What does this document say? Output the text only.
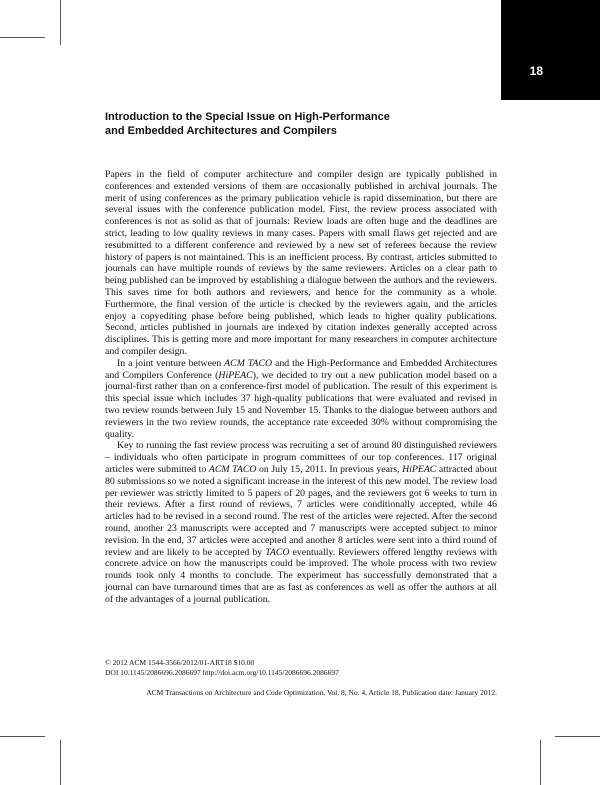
18
Introduction to the Special Issue on High-Performance
and Embedded Architectures and Compilers

Papers in the field of computer architecture and compiler design are typically published in conferences and extended versions of them are occasionally published in archival journals. The merit of using conferences as the primary publication vehicle is rapid dissemination, but there are several issues with the conference publication model. First, the review process associated with conferences is not as solid as that of journals: Review loads are often huge and the deadlines are strict, leading to low quality reviews in many cases. Papers with small flaws get rejected and are resubmitted to a different conference and reviewed by a new set of referees because the review history of papers is not maintained. This is an inefficient process. By contrast, articles submitted to journals can have multiple rounds of reviews by the same reviewers. Articles on a clear path to being published can be improved by establishing a dialogue between the authors and the reviewers. This saves time for both authors and reviewers, and hence for the community as a whole. Furthermore, the final version of the article is checked by the reviewers again, and the articles enjoy a copyediting phase before being published, which leads to higher quality publications. Second, articles published in journals are indexed by citation indexes generally accepted across disciplines. This is getting more and more important for many researchers in computer architecture and compiler design.

In a joint venture between ACM TACO and the High-Performance and Embedded Architectures and Compilers Conference (HiPEAC), we decided to try out a new publication model based on a journal-first rather than on a conference-first model of publication. The result of this experiment is this special issue which includes 37 high-quality publications that were evaluated and revised in two review rounds between July 15 and November 15. Thanks to the dialogue between authors and reviewers in the two review rounds, the acceptance rate exceeded 30% without compromising the quality.

Key to running the fast review process was recruiting a set of around 80 distinguished reviewers – individuals who often participate in program committees of our top conferences. 117 original articles were submitted to ACM TACO on July 15, 2011. In previous years, HiPEAC attracted about 80 submissions so we noted a significant increase in the interest of this new model. The review load per reviewer was strictly limited to 5 papers of 20 pages, and the reviewers got 6 weeks to turn in their reviews. After a first round of reviews, 7 articles were conditionally accepted, while 46 articles had to be revised in a second round. The rest of the articles were rejected. After the second round, another 23 manuscripts were accepted and 7 manuscripts were accepted subject to minor revision. In the end, 37 articles were accepted and another 8 articles were sent into a third round of review and are likely to be accepted by TACO eventually. Reviewers offered lengthy reviews with concrete advice on how the manuscripts could be improved. The whole process with two review rounds took only 4 months to conclude. The experiment has successfully demonstrated that a journal can have turnaround times that are as fast as conferences as well as offer the authors at all of the advantages of a journal publication.

© 2012 ACM 1544-3566/2012/01-ART18 $10.00
DOI 10.1145/2086696.2086697 http://doi.acm.org/10.1145/2086696.2086697
ACM Transactions on Architecture and Code Optimization, Vol. 8, No. 4, Article 18, Publication date: January 2012.
